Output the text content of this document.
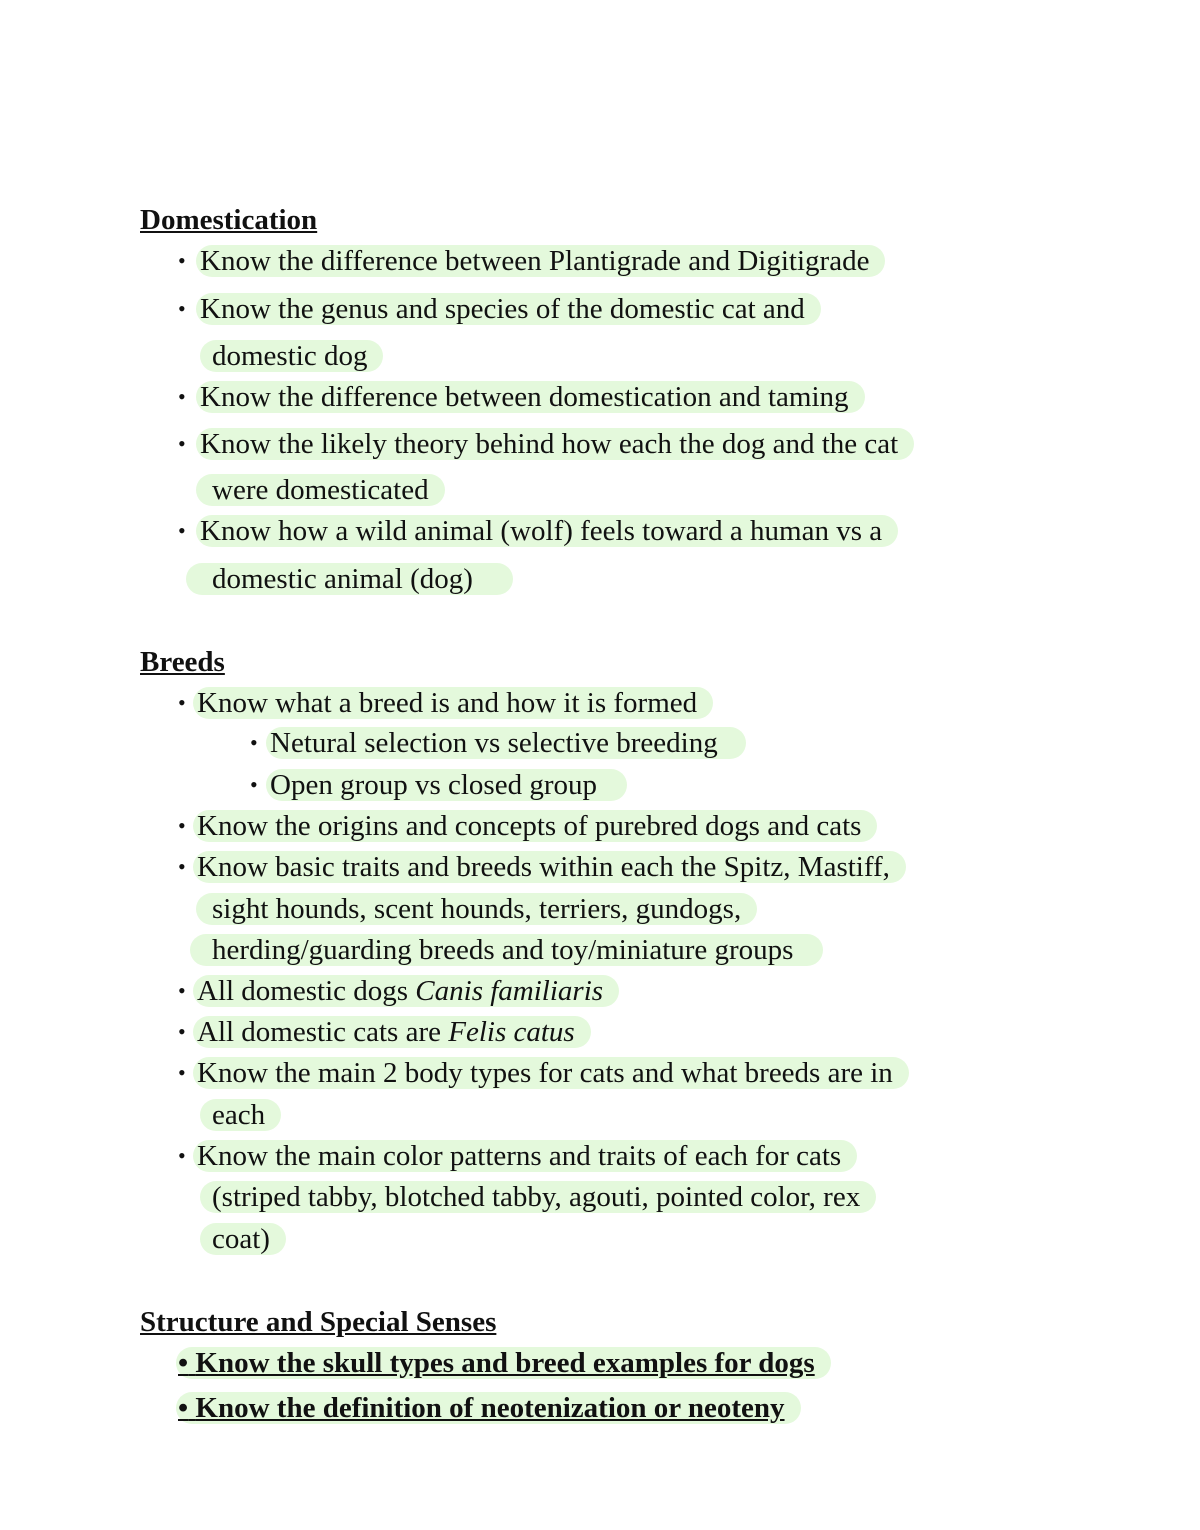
Domestication
• Know the difference between Plantigrade and Digitigrade
• Know the genus and species of the domestic cat and
domestic dog
• Know the difference between domestication and taming
• Know the likely theory behind how each the dog and the cat
were domesticated
• Know how a wild animal (wolf) feels toward a human vs a
domestic animal (dog)
Breeds
• Know what a breed is and how it is formed
• Netural selection vs selective breeding
• Open group vs closed group
• Know the origins and concepts of purebred dogs and cats
• Know basic traits and breeds within each the Spitz, Mastiff,
sight hounds, scent hounds, terriers, gundogs,
herding/guarding breeds and toy/miniature groups
• All domestic dogs Canis familiaris
• All domestic cats are Felis catus
• Know the main 2 body types for cats and what breeds are in
each
• Know the main color patterns and traits of each for cats
(striped tabby, blotched tabby, agouti, pointed color, rex
coat)
Structure and Special Senses
• Know the skull types and breed examples for dogs
• Know the definition of neotenization or neoteny
